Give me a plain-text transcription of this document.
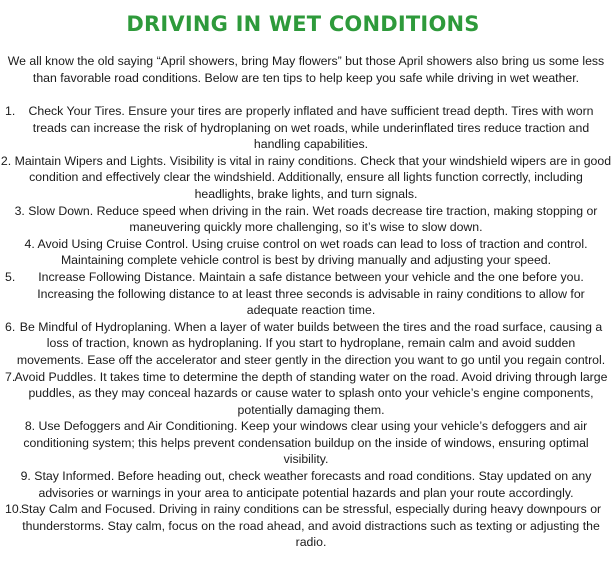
DRIVING IN WET CONDITIONS
We all know the old saying “April showers, bring May flowers” but those April showers also bring us some less than favorable road conditions. Below are ten tips to help keep you safe while driving in wet weather.
1. Check Your Tires. Ensure your tires are properly inflated and have sufficient tread depth. Tires with worn treads can increase the risk of hydroplaning on wet roads, while underinflated tires reduce traction and handling capabilities.
2. Maintain Wipers and Lights. Visibility is vital in rainy conditions. Check that your windshield wipers are in good condition and effectively clear the windshield. Additionally, ensure all lights function correctly, including headlights, brake lights, and turn signals.
3. Slow Down. Reduce speed when driving in the rain. Wet roads decrease tire traction, making stopping or maneuvering quickly more challenging, so it’s wise to slow down.
4. Avoid Using Cruise Control. Using cruise control on wet roads can lead to loss of traction and control. Maintaining complete vehicle control is best by driving manually and adjusting your speed.
5. Increase Following Distance. Maintain a safe distance between your vehicle and the one before you. Increasing the following distance to at least three seconds is advisable in rainy conditions to allow for adequate reaction time.
6. Be Mindful of Hydroplaning. When a layer of water builds between the tires and the road surface, causing a loss of traction, known as hydroplaning. If you start to hydroplane, remain calm and avoid sudden movements. Ease off the accelerator and steer gently in the direction you want to go until you regain control.
7. Avoid Puddles. It takes time to determine the depth of standing water on the road. Avoid driving through large puddles, as they may conceal hazards or cause water to splash onto your vehicle’s engine components, potentially damaging them.
8. Use Defoggers and Air Conditioning. Keep your windows clear using your vehicle’s defoggers and air conditioning system; this helps prevent condensation buildup on the inside of windows, ensuring optimal visibility.
9. Stay Informed. Before heading out, check weather forecasts and road conditions. Stay updated on any advisories or warnings in your area to anticipate potential hazards and plan your route accordingly.
10.
Stay Calm and Focused. Driving in rainy conditions can be stressful, especially during heavy downpours or thunderstorms. Stay calm, focus on the road ahead, and avoid distractions such as texting or adjusting the radio.
